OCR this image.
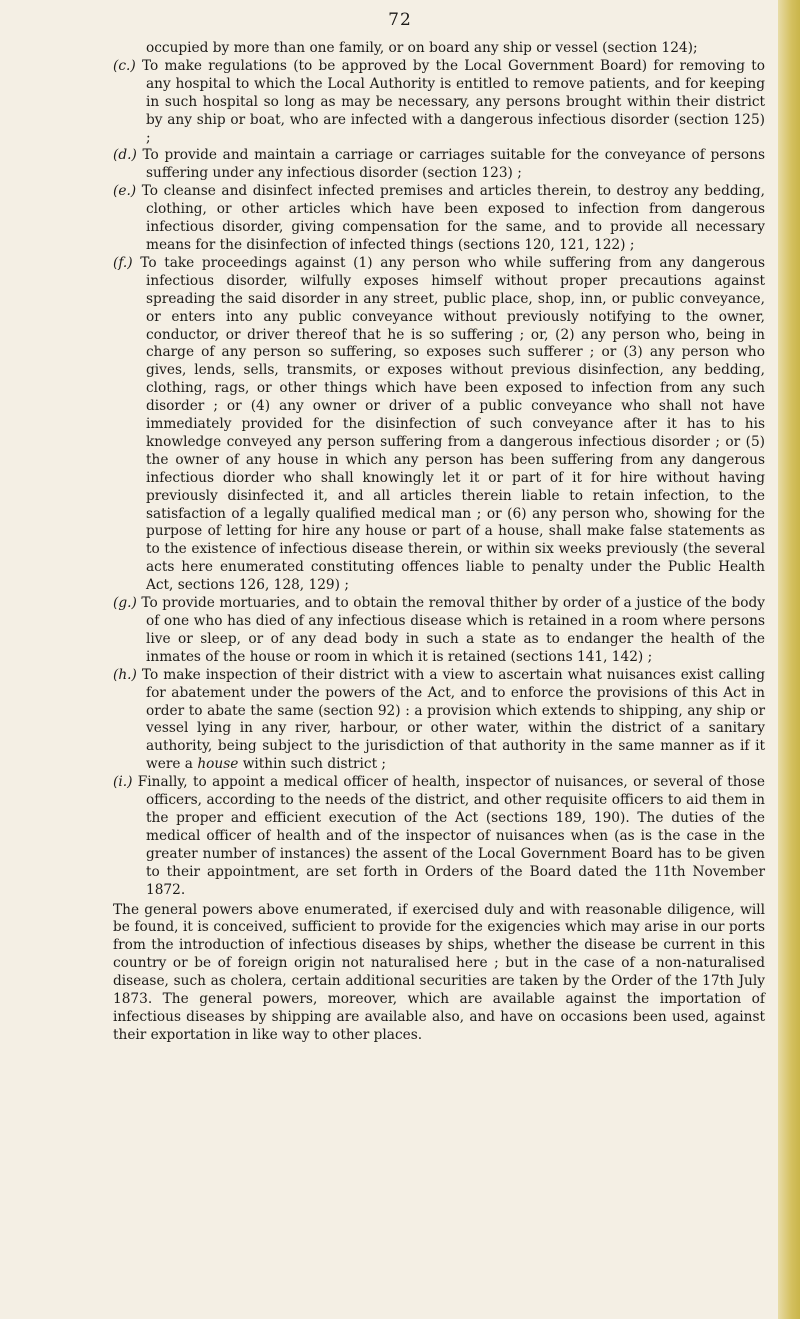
72

occupied by more than one family, or on board any ship or vessel (section 124);

(c.) To make regulations (to be approved by the Local Government Board) for removing to any hospital to which the Local Authority is entitled to remove patients, and for keeping in such hospital so long as may be necessary, any persons brought within their district by any ship or boat, who are infected with a dangerous infectious disorder (section 125) ;

(d.) To provide and maintain a carriage or carriages suitable for the conveyance of persons suffering under any infectious disorder (section 123) ;

(e.) To cleanse and disinfect infected premises and articles therein, to destroy any bedding, clothing, or other articles which have been exposed to infection from dangerous infectious disorder, giving compensation for the same, and to provide all necessary means for the disinfection of infected things (sections 120, 121, 122) ;

(f.) To take proceedings against (1) any person who while suffering from any dangerous infectious disorder, wilfully exposes himself without proper precautions against spreading the said disorder in any street, public place, shop, inn, or public conveyance, or enters into any public conveyance without previously notifying to the owner, conductor, or driver thereof that he is so suffering ; or, (2) any person who, being in charge of any person so suffering, so exposes such sufferer ; or (3) any person who gives, lends, sells, transmits, or exposes without previous disinfection, any bedding, clothing, rags, or other things which have been exposed to infection from any such disorder ; or (4) any owner or driver of a public conveyance who shall not have immediately provided for the disinfection of such conveyance after it has to his knowledge conveyed any person suffering from a dangerous infectious disorder ; or (5) the owner of any house in which any person has been suffering from any dangerous infectious diorder who shall knowingly let it or part of it for hire without having previously disinfected it, and all articles therein liable to retain infection, to the satisfaction of a legally qualified medical man ; or (6) any person who, showing for the purpose of letting for hire any house or part of a house, shall make false statements as to the existence of infectious disease therein, or within six weeks previously (the several acts here enumerated constituting offences liable to penalty under the Public Health Act, sections 126, 128, 129) ;

(g.) To provide mortuaries, and to obtain the removal thither by order of a justice of the body of one who has died of any infectious disease which is retained in a room where persons live or sleep, or of any dead body in such a state as to endanger the health of the inmates of the house or room in which it is retained (sections 141, 142) ;

(h.) To make inspection of their district with a view to ascertain what nuisances exist calling for abatement under the powers of the Act, and to enforce the provisions of this Act in order to abate the same (section 92) : a provision which extends to shipping, any ship or vessel lying in any river, harbour, or other water, within the district of a sanitary authority, being subject to the jurisdiction of that authority in the same manner as if it were a house within such district ;

(i.) Finally, to appoint a medical officer of health, inspector of nuisances, or several of those officers, according to the needs of the district, and other requisite officers to aid them in the proper and efficient execution of the Act (sections 189, 190). The duties of the medical officer of health and of the inspector of nuisances when (as is the case in the greater number of instances) the assent of the Local Government Board has to be given to their appointment, are set forth in Orders of the Board dated the 11th November 1872.

The general powers above enumerated, if exercised duly and with reasonable diligence, will be found, it is conceived, sufficient to provide for the exigencies which may arise in our ports from the introduction of infectious diseases by ships, whether the disease be current in this country or be of foreign origin not naturalised here ; but in the case of a non-naturalised disease, such as cholera, certain additional securities are taken by the Order of the 17th July 1873. The general powers, moreover, which are available against the importation of infectious diseases by shipping are available also, and have on occasions been used, against their exportation in like way to other places.
